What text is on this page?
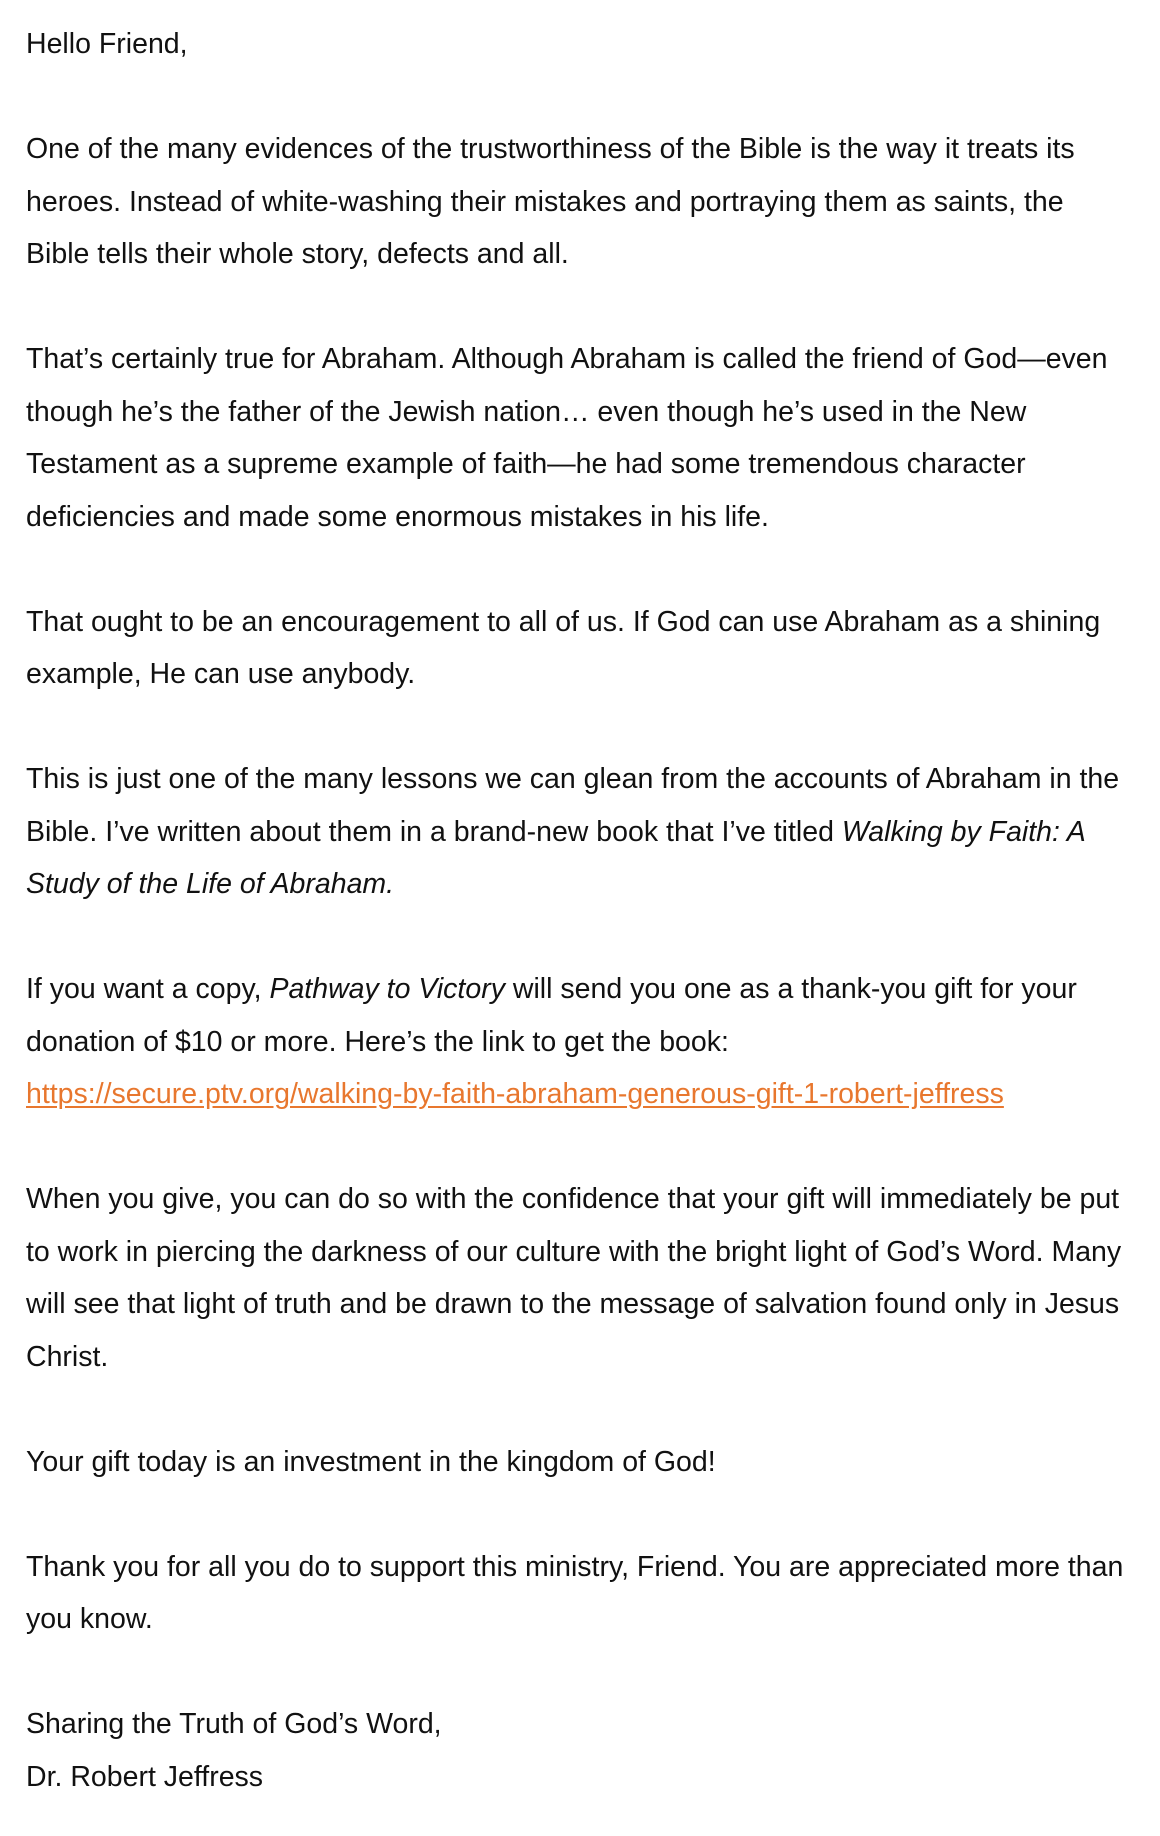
Hello Friend,

One of the many evidences of the trustworthiness of the Bible is the way it treats its heroes. Instead of white-washing their mistakes and portraying them as saints, the Bible tells their whole story, defects and all.

That’s certainly true for Abraham. Although Abraham is called the friend of God—even though he’s the father of the Jewish nation… even though he’s used in the New Testament as a supreme example of faith—he had some tremendous character deficiencies and made some enormous mistakes in his life.

That ought to be an encouragement to all of us. If God can use Abraham as a shining example, He can use anybody.

This is just one of the many lessons we can glean from the accounts of Abraham in the Bible. I’ve written about them in a brand-new book that I’ve titled Walking by Faith: A Study of the Life of Abraham.

If you want a copy, Pathway to Victory will send you one as a thank-you gift for your donation of $10 or more. Here’s the link to get the book:
https://secure.ptv.org/walking-by-faith-abraham-generous-gift-1-robert-jeffress

When you give, you can do so with the confidence that your gift will immediately be put to work in piercing the darkness of our culture with the bright light of God’s Word. Many will see that light of truth and be drawn to the message of salvation found only in Jesus Christ.

Your gift today is an investment in the kingdom of God!

Thank you for all you do to support this ministry, Friend. You are appreciated more than you know.

Sharing the Truth of God’s Word,

Dr. Robert Jeffress
